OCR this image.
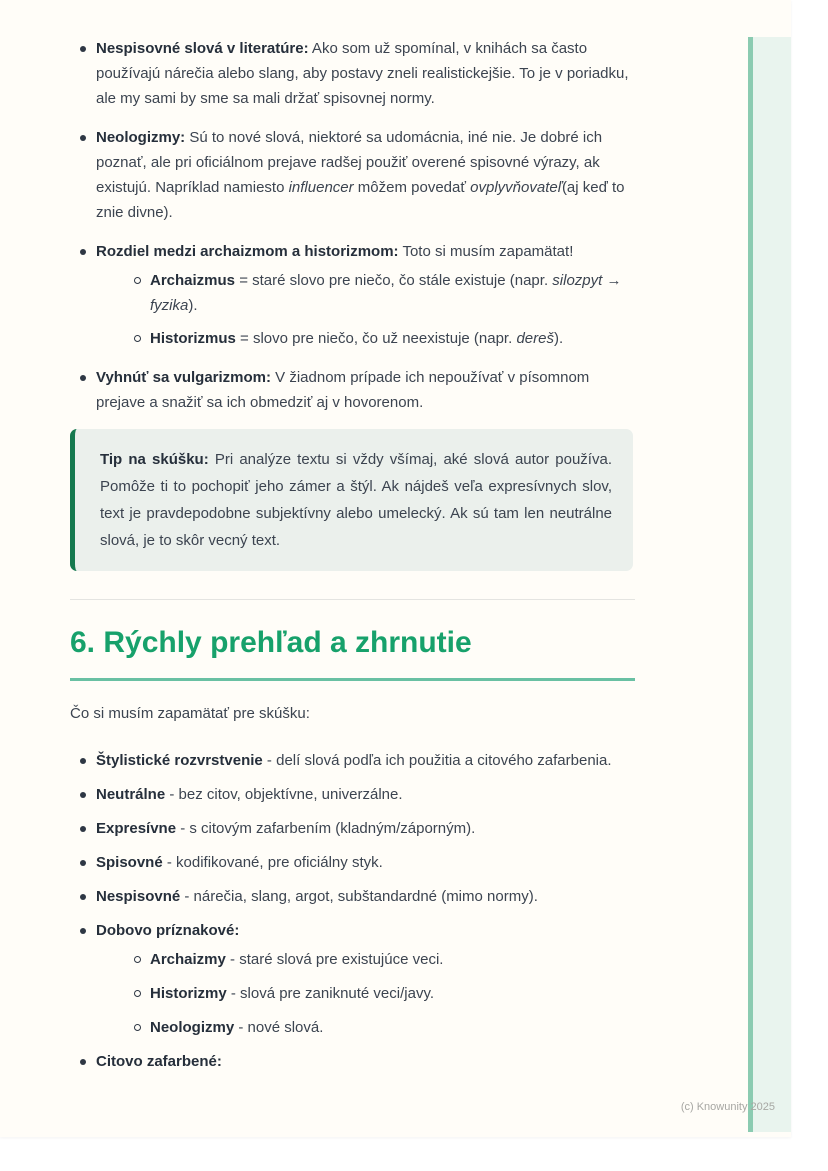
Nespisovné slová v literatúre: Ako som už spomínal, v knihách sa často používajú nárečia alebo slang, aby postavy zneli realistickejšie. To je v poriadku, ale my sami by sme sa mali držať spisovnej normy.

Neologizmy: Sú to nové slová, niektoré sa udomácnia, iné nie. Je dobré ich poznať, ale pri oficiálnom prejave radšej použiť overené spisovné výrazy, ak existujú. Napríklad namiesto influencer môžem povedať ovplyvňovateľ(aj keď to znie divne).

Rozdiel medzi archaizmom a historizmom: Toto si musím zapamätat!

Archaizmus = staré slovo pre niečo, čo stále existuje (napr. silozpyt → fyzika).

Historizmus = slovo pre niečo, čo už neexistuje (napr. dereš).

Vyhnúť sa vulgarizmom: V žiadnom prípade ich nepoužívať v písomnom prejave a snažiť sa ich obmedziť aj v hovorenom.

Tip na skúšku: Pri analýze textu si vždy všímaj, aké slová autor používa. Pomôže ti to pochopiť jeho zámer a štýl. Ak nájdeš veľa expresívnych slov, text je pravdepodobne subjektívny alebo umelecký. Ak sú tam len neutrálne slová, je to skôr vecný text.

6. Rýchly prehľad a zhrnutie

Čo si musím zapamätať pre skúšku:

Štylistické rozvrstvenie - delí slová podľa ich použitia a citového zafarbenia.

Neutrálne - bez citov, objektívne, univerzálne.

Expresívne - s citovým zafarbením (kladným/záporným).

Spisovné - kodifikované, pre oficiálny styk.

Nespisovné - nárečia, slang, argot, subštandardné (mimo normy).

Dobovo príznakové:

Archaizmy - staré slová pre existujúce veci.

Historizmy - slová pre zaniknuté veci/javy.

Neologizmy - nové slová.

Citovo zafarbené:

(c) Knowunity 2025
